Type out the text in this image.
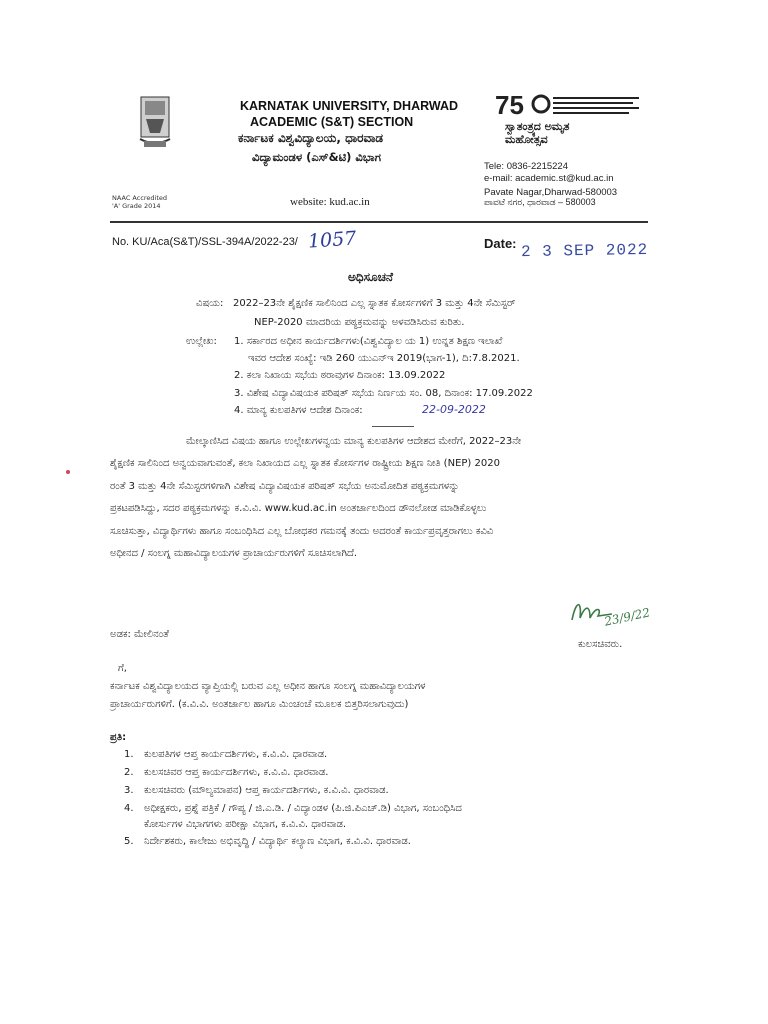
NAAC Accredited
'A' Grade 2014
KARNATAK UNIVERSITY, DHARWAD
ACADEMIC (S&T) SECTION
ಕರ್ನಾಟಕ ವಿಶ್ವವಿದ್ಯಾಲಯ, ಧಾರವಾಡ
ವಿದ್ಯಾಮಂಡಳ (ಎಸ್&ಟಿ) ವಿಭಾಗ
website: kud.ac.in
75
ಸ್ವಾತಂತ್ರ್ಯದ ಅಮೃತ ಮಹೋತ್ಸವ
Tele: 0836-2215224
e-mail: academic.st@kud.ac.in
Pavate Nagar,Dharwad-580003
ಪಾವಟೆ ನಗರ, ಧಾರವಾಡ – 580003
No. KU/Aca(S&T)/SSL-394A/2022-23/ 1057	Date: 2 3 SEP 2022
ಅಧಿಸೂಚನೆ
ವಿಷಯ: 2022–23ನೇ ಶೈಕ್ಷಣಿಕ ಸಾಲಿನಿಂದ ಎಲ್ಲ ಸ್ನಾತಕ ಕೋರ್ಸಗಳಿಗೆ 3 ಮತ್ತು 4ನೇ ಸೆಮಿಸ್ಟರ್
NEP-2020 ಮಾದರಿಯ ಪಠ್ಯಕ್ರಮವನ್ನು ಅಳವಡಿಸಿರುವ ಕುರಿತು.
ಉಲ್ಲೇಖ: 1. ಸರ್ಕಾರದ ಅಧೀನ ಕಾರ್ಯದರ್ಶಿಗಳು(ವಿಶ್ವವಿದ್ಯಾಲ ಯ 1) ಉನ್ನತ ಶಿಕ್ಷಣ ಇಲಾಖೆ
ಇವರ ಆದೇಶ ಸಂಖ್ಯೆ: ಇಡಿ 260 ಯುಎನ್ಇ 2019(ಭಾಗ-1), ದಿ:7.8.2021.
2. ಕಲಾ ನಿಖಾಯ ಸಭೆಯ ಠರಾವುಗಳ ದಿನಾಂಕ: 13.09.2022
3. ವಿಶೇಷ ವಿದ್ಯಾವಿಷಯಕ ಪರಿಷತ್ ಸಭೆಯ ನಿರ್ಣಯ ಸಂ. 08, ದಿನಾಂಕ: 17.09.2022
4. ಮಾನ್ಯ ಕುಲಪತಿಗಳ ಆದೇಶ ದಿನಾಂಕ:	22-09-2022
ಮೇಲ್ಕಾಣಿಸಿದ ವಿಷಯ ಹಾಗೂ ಉಲ್ಲೇಖಗಳನ್ವಯ ಮಾನ್ಯ ಕುಲಪತಿಗಳ ಆದೇಶದ ಮೇರೆಗೆ, 2022–23ನೇ
ಶೈಕ್ಷಣಿಕ ಸಾಲಿನಿಂದ ಅನ್ವಯವಾಗುವಂತೆ, ಕಲಾ ನಿಖಾಯದ ಎಲ್ಲ ಸ್ನಾತಕ ಕೋರ್ಸಗಳ ರಾಷ್ಟ್ರೀಯ ಶಿಕ್ಷಣ ನೀತಿ (NEP) 2020
ರಂತೆ 3 ಮತ್ತು 4ನೇ ಸೆಮಿಸ್ಟರಗಳಿಗಾಗಿ ವಿಶೇಷ ವಿದ್ಯಾವಿಷಯಕ ಪರಿಷತ್ ಸಭೆಯ ಅನುಮೋದಿತ ಪಠ್ಯಕ್ರಮಗಳನ್ನು
ಪ್ರಕಟಪಡಿಸಿದ್ದು, ಸದರ ಪಠ್ಯಕ್ರಮಗಳನ್ನು ಕ.ವಿ.ವಿ. www.kud.ac.in ಅಂತರ್ಜಾಲದಿಂದ ಡೌನಲೋಡ ಮಾಡಿಕೊಳ್ಳಲು
ಸೂಚಿಸುತ್ತಾ, ವಿದ್ಯಾರ್ಥಿಗಳು ಹಾಗೂ ಸಂಬಂಧಿಸಿದ ಎಲ್ಲ ಬೋಧಕರ ಗಮನಕ್ಕೆ ತಂದು ಅದರಂತೆ ಕಾರ್ಯಪ್ರವೃತ್ತರಾಗಲು ಕವಿವಿ
ಅಧೀನದ / ಸಂಲಗ್ನ ಮಹಾವಿದ್ಯಾಲಯಗಳ ಪ್ರಾಚಾರ್ಯರುಗಳಿಗೆ ಸೂಚಿಸಲಾಗಿದೆ.
23/9/22
ಕುಲಸಚಿವರು.
ಅಡಕ: ಮೇಲಿನಂತೆ
ಗೆ,
ಕರ್ನಾಟಕ ವಿಶ್ವವಿದ್ಯಾಲಯದ ವ್ಯಾಪ್ತಿಯಲ್ಲಿ ಬರುವ ಎಲ್ಲ ಅಧೀನ ಹಾಗೂ ಸಂಲಗ್ನ ಮಹಾವಿದ್ಯಾಲಯಗಳ
ಪ್ರಾಚಾರ್ಯರುಗಳಿಗೆ. (ಕ.ವಿ.ವಿ. ಅಂತರ್ಜಾಲ ಹಾಗೂ ಮಿಂಚಂಚೆ ಮೂಲಕ ಬಿತ್ತರಿಸಲಾಗುವುದು)
ಪ್ರತಿ:
1. ಕುಲಪತಿಗಳ ಆಪ್ತ ಕಾರ್ಯದರ್ಶಿಗಳು, ಕ.ವಿ.ವಿ. ಧಾರವಾಡ.
2. ಕುಲಸಚಿವರ ಆಪ್ತ ಕಾರ್ಯದರ್ಶಿಗಳು, ಕ.ವಿ.ವಿ. ಧಾರವಾಡ.
3. ಕುಲಸಚಿವರು (ಮೌಲ್ಯಮಾಪನ) ಆಪ್ತ ಕಾರ್ಯದರ್ಶಿಗಳು, ಕ.ವಿ.ವಿ. ಧಾರವಾಡ.
4. ಅಧೀಕ್ಷಕರು, ಪ್ರಶ್ನೆ ಪತ್ರಿಕೆ / ಗೌಪ್ಯ / ಜಿ.ಎ.ಡಿ. / ವಿದ್ಯಾಂಡಳ (ಪಿ.ಜಿ.ಪಿಎಚ್.ಡಿ) ವಿಭಾಗ, ಸಂಬಂಧಿಸಿದ
ಕೋರ್ಸುಗಳ ವಿಭಾಗಗಳು ಪರೀಕ್ಷಾ ವಿಭಾಗ, ಕ.ವಿ.ವಿ. ಧಾರವಾಡ.
5. ನಿರ್ದೇಶಕರು, ಕಾಲೇಜು ಅಭಿವೃದ್ಧಿ / ವಿದ್ಯಾರ್ಥಿ ಕಲ್ಯಾಣ ವಿಭಾಗ, ಕ.ವಿ.ವಿ. ಧಾರವಾಡ.
